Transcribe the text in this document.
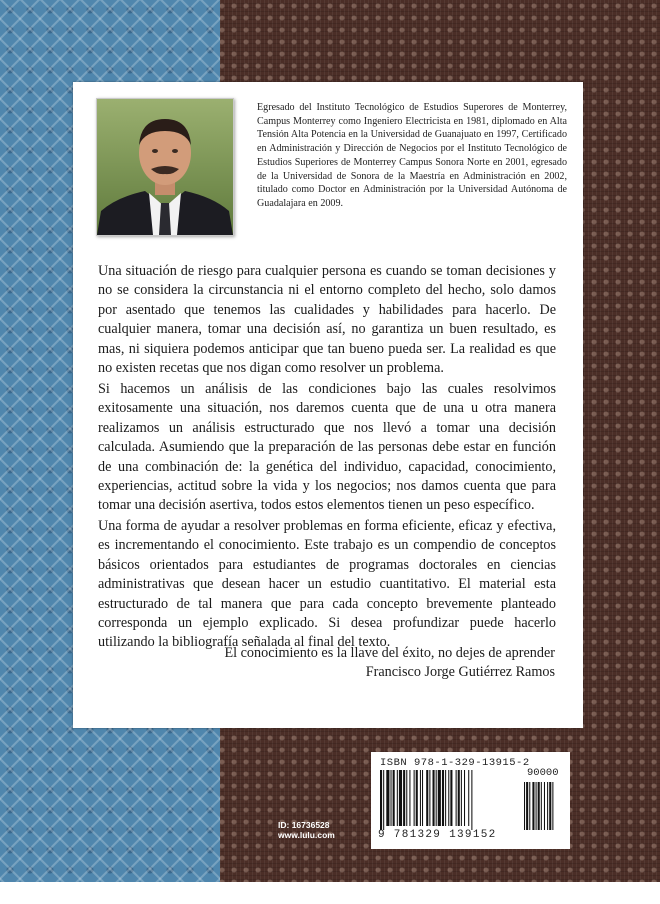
Egresado del Instituto Tecnológico de Estudios Superores de Monterrey, Campus Monterrey como Ingeniero Electricista en 1981, diplomado en Alta Tensión Alta Potencia en la Universidad de Guanajuato en 1997, Certificado en Administración y Dirección de Negocios por el Instituto Tecnológico de Estudios Superiores de Monterrey Campus Sonora Norte en 2001, egresado de la Universidad de Sonora de la Maestría en Administración en 2002, titulado como Doctor en Administración por la Universidad Autónoma de Guadalajara en 2009.

Una situación de riesgo para cualquier persona es cuando se toman decisiones y no se considera la circunstancia ni el entorno completo del hecho, solo damos por asentado que tenemos las cualidades y habilidades para hacerlo. De cualquier manera, tomar una decisión así, no garantiza un buen resultado, es mas, ni siquiera podemos anticipar que tan bueno pueda ser. La realidad es que no existen recetas que nos digan como resolver un problema.

Si hacemos un análisis de las condiciones bajo las cuales resolvimos exitosamente una situación, nos daremos cuenta que de una u otra manera realizamos un análisis estructurado que nos llevó a tomar una decisión calculada. Asumiendo que la preparación de las personas debe estar en función de una combinación de: la genética del individuo, capacidad, conocimiento, experiencias, actitud sobre la vida y los negocios; nos damos cuenta que para tomar una decisión asertiva, todos estos elementos tienen un peso específico.

Una forma de ayudar a resolver problemas en forma eficiente, eficaz y efectiva, es incrementando el conocimiento. Este trabajo es un compendio de conceptos básicos orientados para estudiantes de programas doctorales en ciencias administrativas que desean hacer un estudio cuantitativo. El material esta estructurado de tal manera que para cada concepto brevemente planteado corresponda un ejemplo explicado. Si desea profundizar puede hacerlo utilizando la bibliografía señalada al final del texto.

El conocimiento es la llave del éxito, no dejes de aprender

Francisco Jorge Gutiérrez Ramos

ID: 16736528

www.lulu.com

ISBN 978-1-329-13915-2

90000

9 781329 139152
